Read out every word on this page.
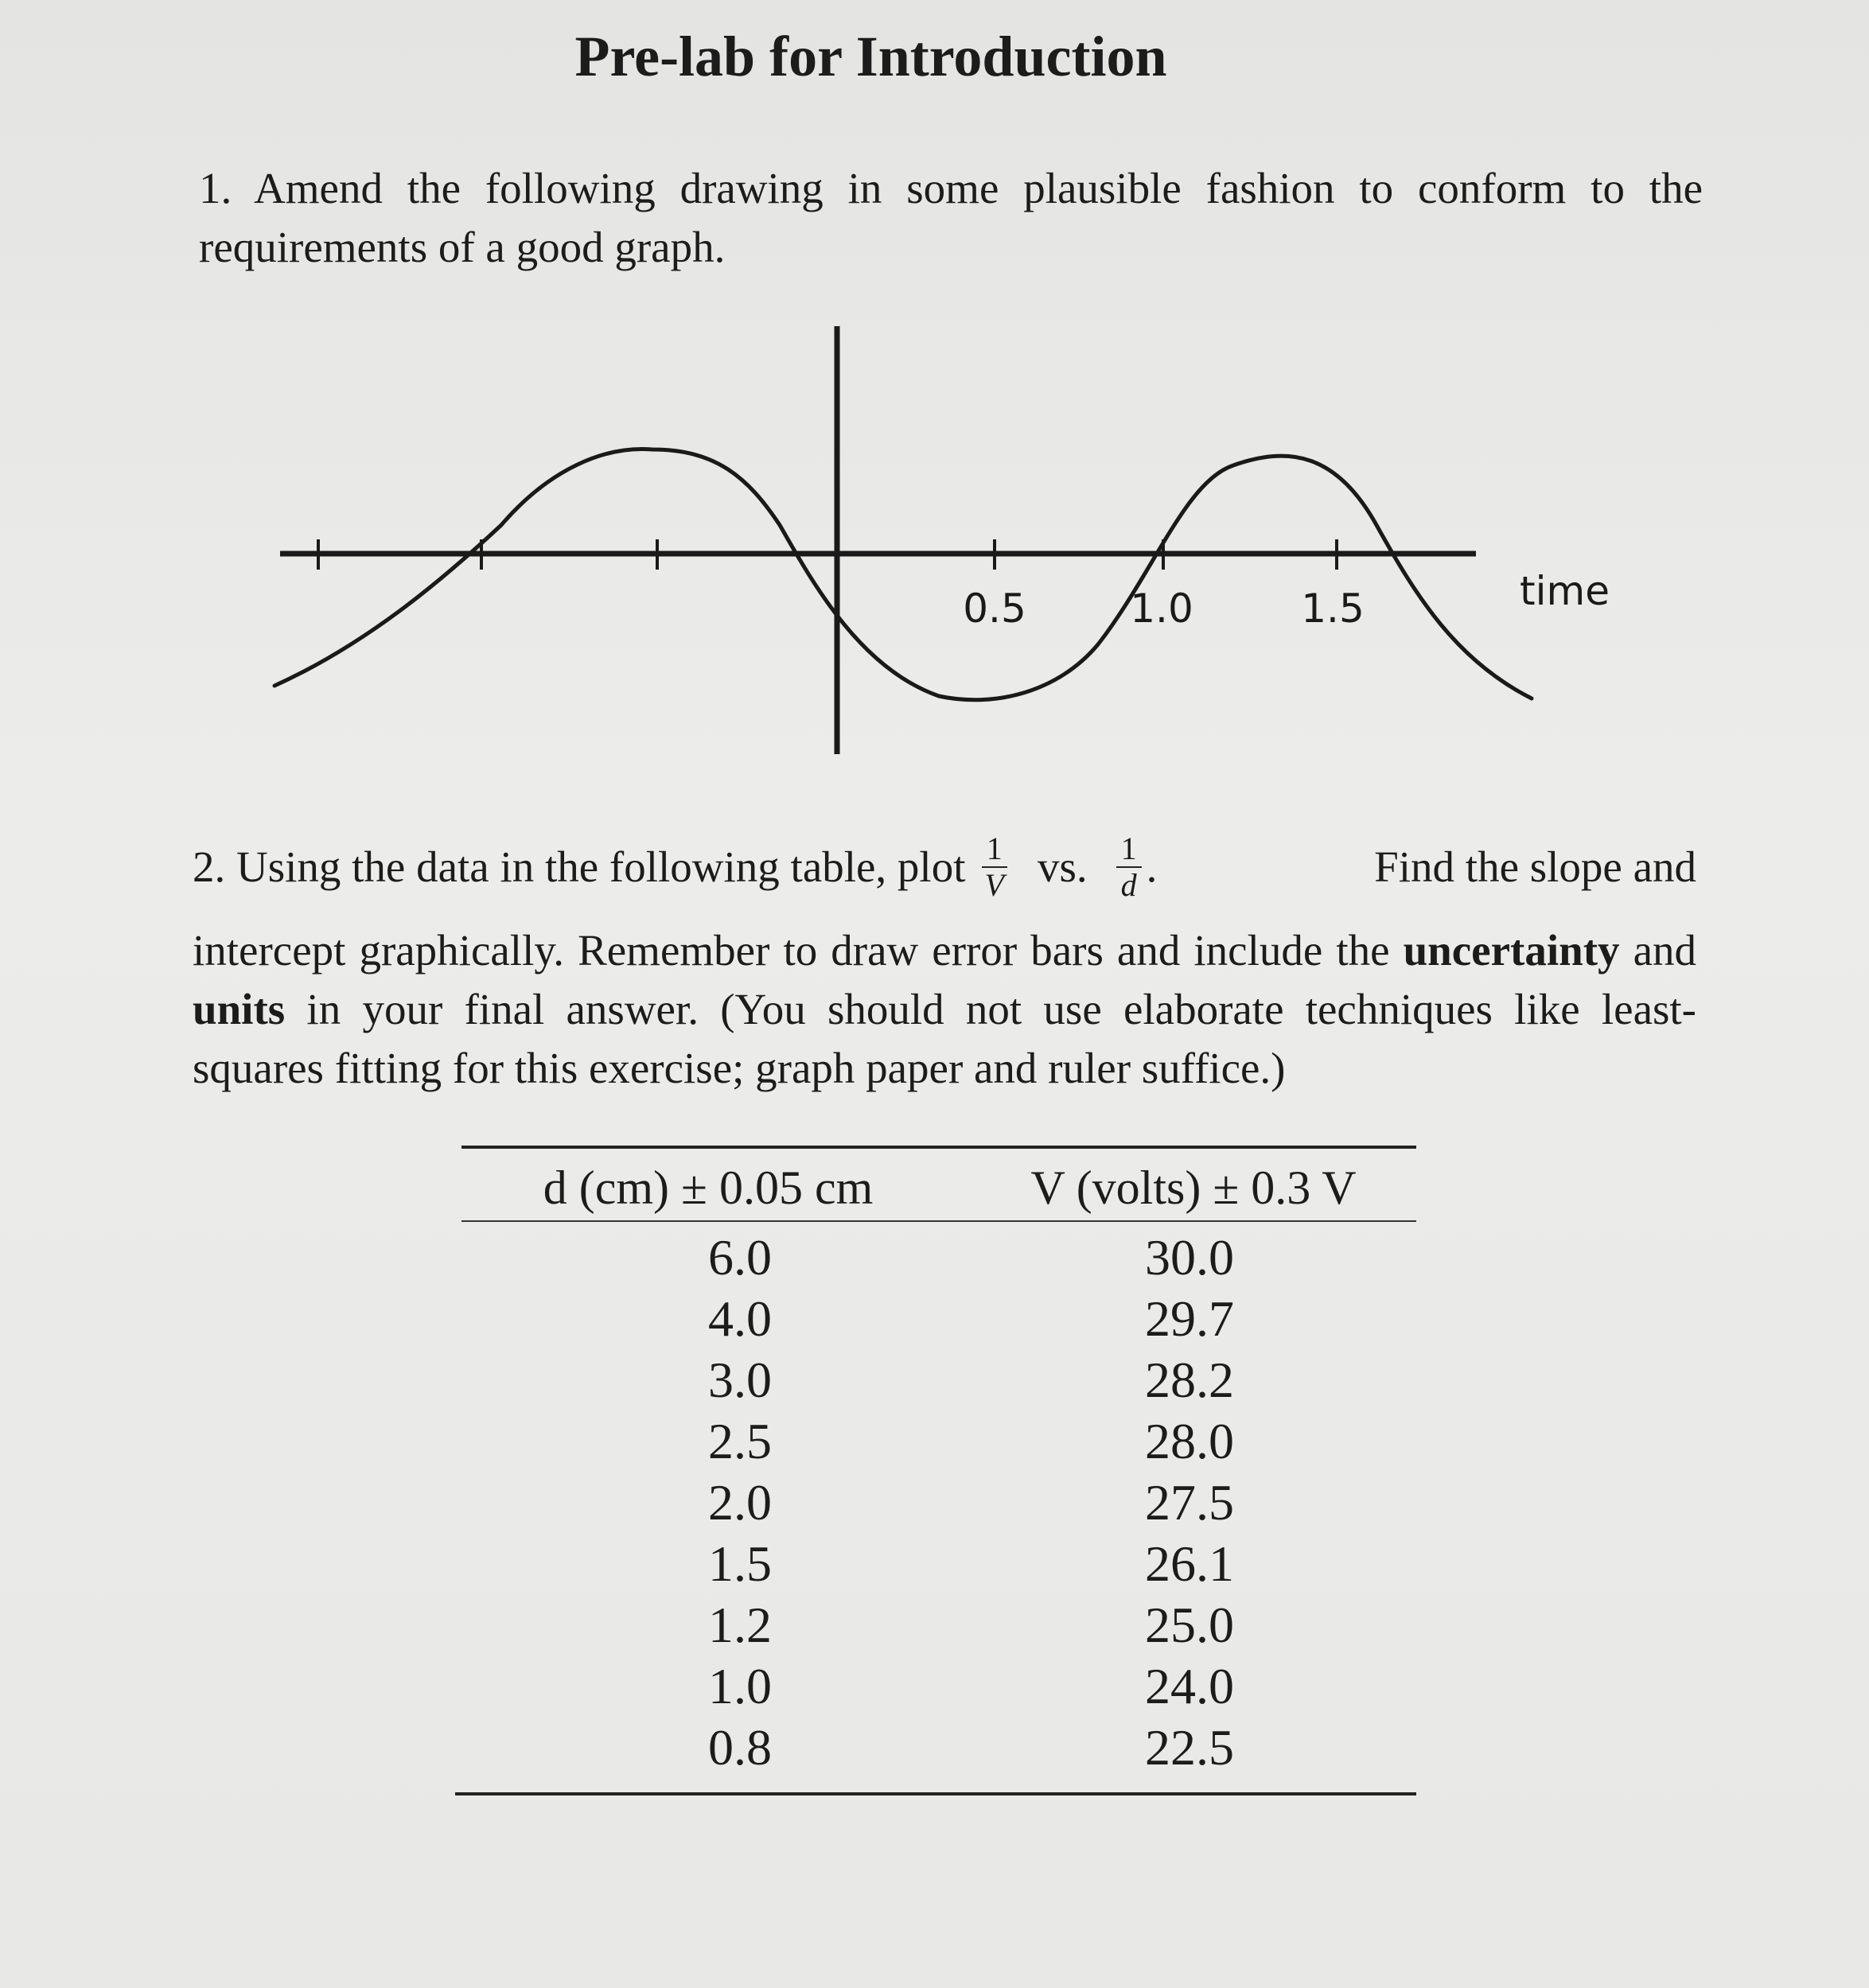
Pre-lab for Introduction
1. Amend the following drawing in some plausible fashion to conform to the requirements of a good graph.
0.5	1.0	1.5	time
2. Using the data in the following table, plot $\frac{1}{V}$ vs. $\frac{1}{d}$ .	Find the slope and
intercept graphically. Remember to draw error bars and include the uncertainty and units in your final answer. (You should not use elaborate techniques like least-squares fitting for this exercise; graph paper and ruler suffice.)
d (cm) ± 0.05 cm	V (volts) ± 0.3 V
6.0	30.0
4.0	29.7
3.0	28.2
2.5	28.0
2.0	27.5
1.5	26.1
1.2	25.0
1.0	24.0
0.8	22.5
